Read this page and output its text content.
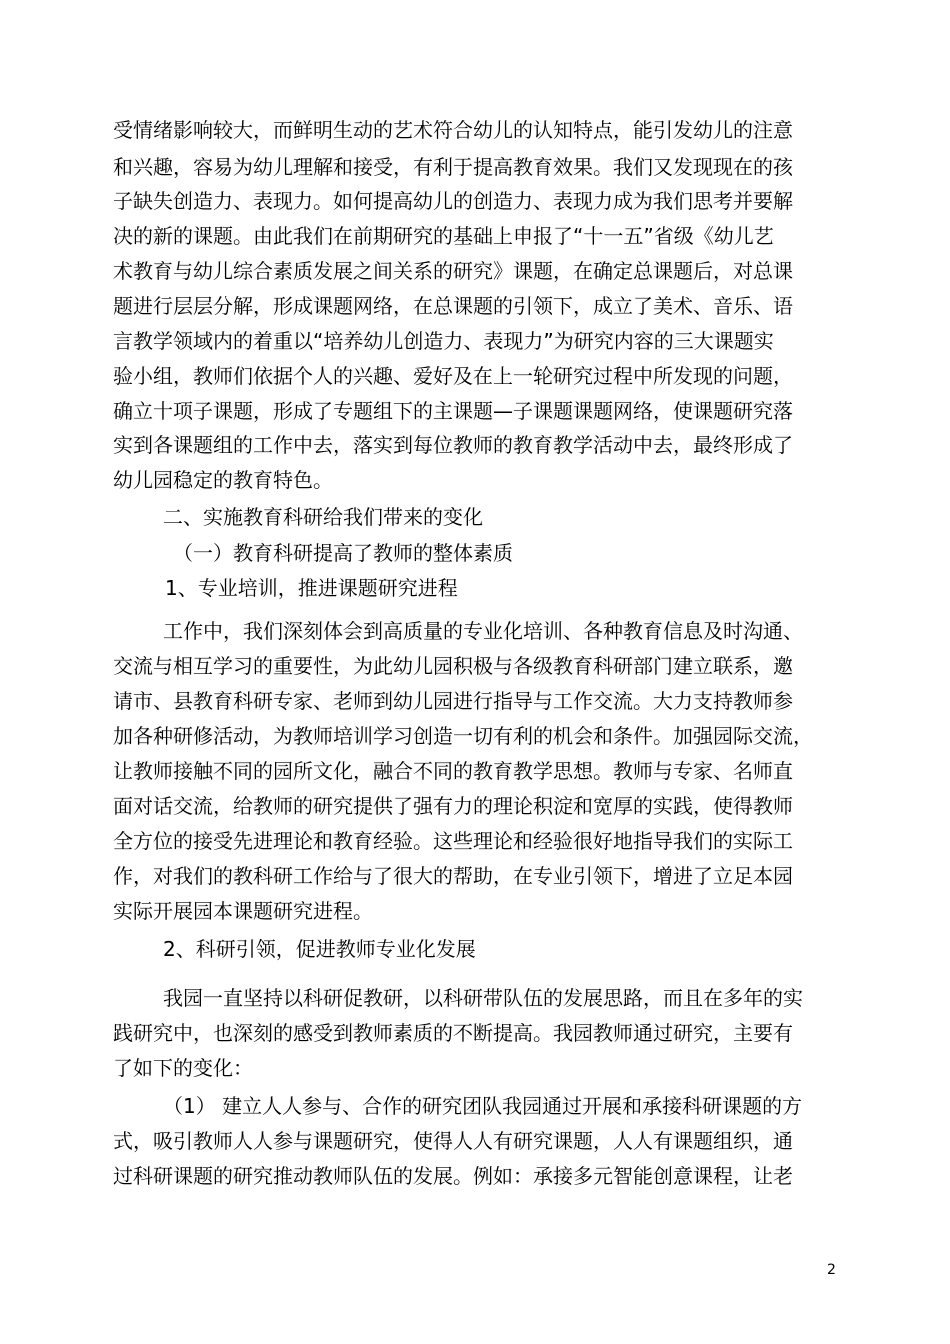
受情绪影响较大，而鲜明生动的艺术符合幼儿的认知特点，能引发幼儿的注意
和兴趣，容易为幼儿理解和接受，有利于提高教育效果。我们又发现现在的孩
子缺失创造力、表现力。如何提高幼儿的创造力、表现力成为我们思考并要解
决的新的课题。由此我们在前期研究的基础上申报了“十一五”省级《幼儿艺
术教育与幼儿综合素质发展之间关系的研究》课题，在确定总课题后，对总课
题进行层层分解，形成课题网络，在总课题的引领下，成立了美术、音乐、语
言教学领域内的着重以“培养幼儿创造力、表现力”为研究内容的三大课题实
验小组，教师们依据个人的兴趣、爱好及在上一轮研究过程中所发现的问题，
确立十项子课题，形成了专题组下的主课题—子课题课题网络，使课题研究落
实到各课题组的工作中去，落实到每位教师的教育教学活动中去，最终形成了
幼儿园稳定的教育特色。
二、实施教育科研给我们带来的变化
（一）教育科研提高了教师的整体素质
1、专业培训，推进课题研究进程
工作中，我们深刻体会到高质量的专业化培训、各种教育信息及时沟通、
交流与相互学习的重要性，为此幼儿园积极与各级教育科研部门建立联系，邀
请市、县教育科研专家、老师到幼儿园进行指导与工作交流。大力支持教师参
加各种研修活动，为教师培训学习创造一切有利的机会和条件。加强园际交流，
让教师接触不同的园所文化，融合不同的教育教学思想。教师与专家、名师直
面对话交流，给教师的研究提供了强有力的理论积淀和宽厚的实践，使得教师
全方位的接受先进理论和教育经验。这些理论和经验很好地指导我们的实际工
作，对我们的教科研工作给与了很大的帮助，在专业引领下，增进了立足本园
实际开展园本课题研究进程。
2、科研引领，促进教师专业化发展
我园一直坚持以科研促教研，以科研带队伍的发展思路，而且在多年的实
践研究中，也深刻的感受到教师素质的不断提高。我园教师通过研究，主要有
了如下的变化：
（1） 建立人人参与、合作的研究团队我园通过开展和承接科研课题的方
式，吸引教师人人参与课题研究，使得人人有研究课题，人人有课题组织，通
过科研课题的研究推动教师队伍的发展。例如：承接多元智能创意课程，让老
2
